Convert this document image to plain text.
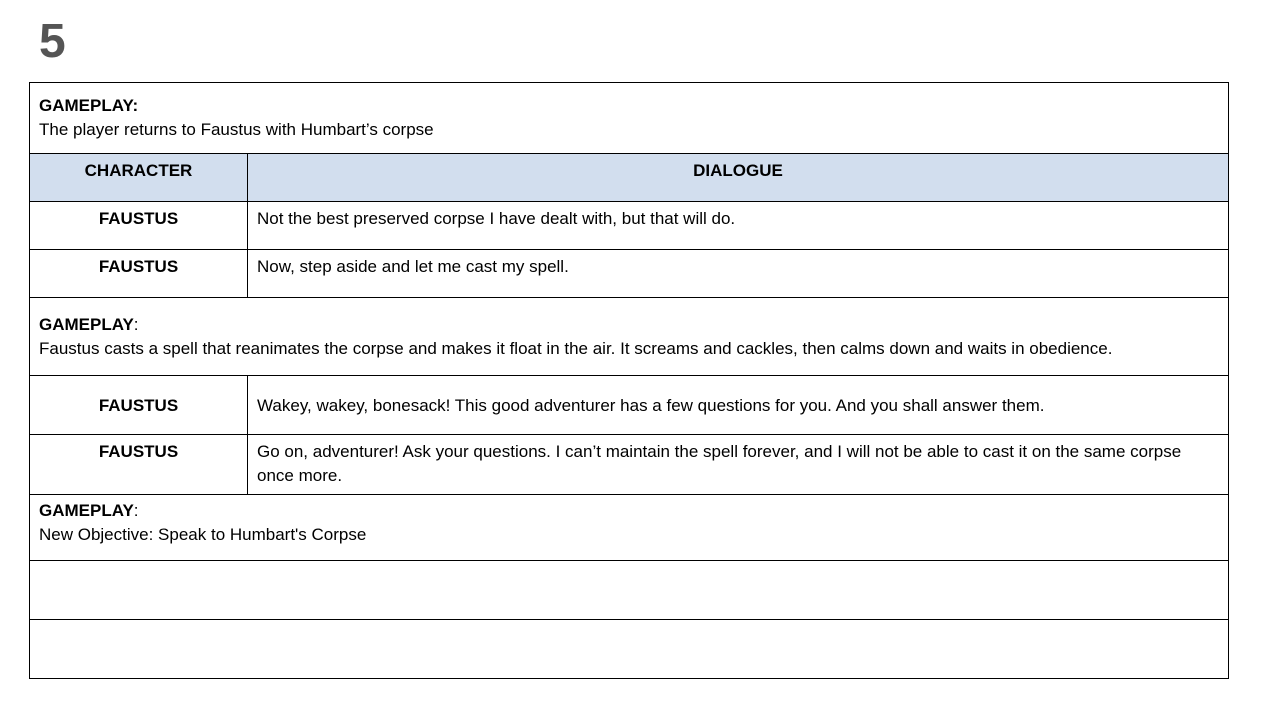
5
GAMEPLAY:
The player returns to Faustus with Humbart’s corpse	

CHARACTER	DIALOGUE
FAUSTUS	Not the best preserved corpse I have dealt with, but that will do.
FAUSTUS	Now, step aside and let me cast my spell.
GAMEPLAY:
Faustus casts a spell that reanimates the corpse and makes it float in the air. It screams and cackles, then calms down and waits in obedience.	

FAUSTUS	Wakey, wakey, bonesack! This good adventurer has a few questions for you. And you shall answer them.
FAUSTUS	Go on, adventurer! Ask your questions. I can’t maintain the spell forever, and I will not be able to cast it on the same corpse once more.
GAMEPLAY:
New Objective: Speak to Humbart's Corpse	
